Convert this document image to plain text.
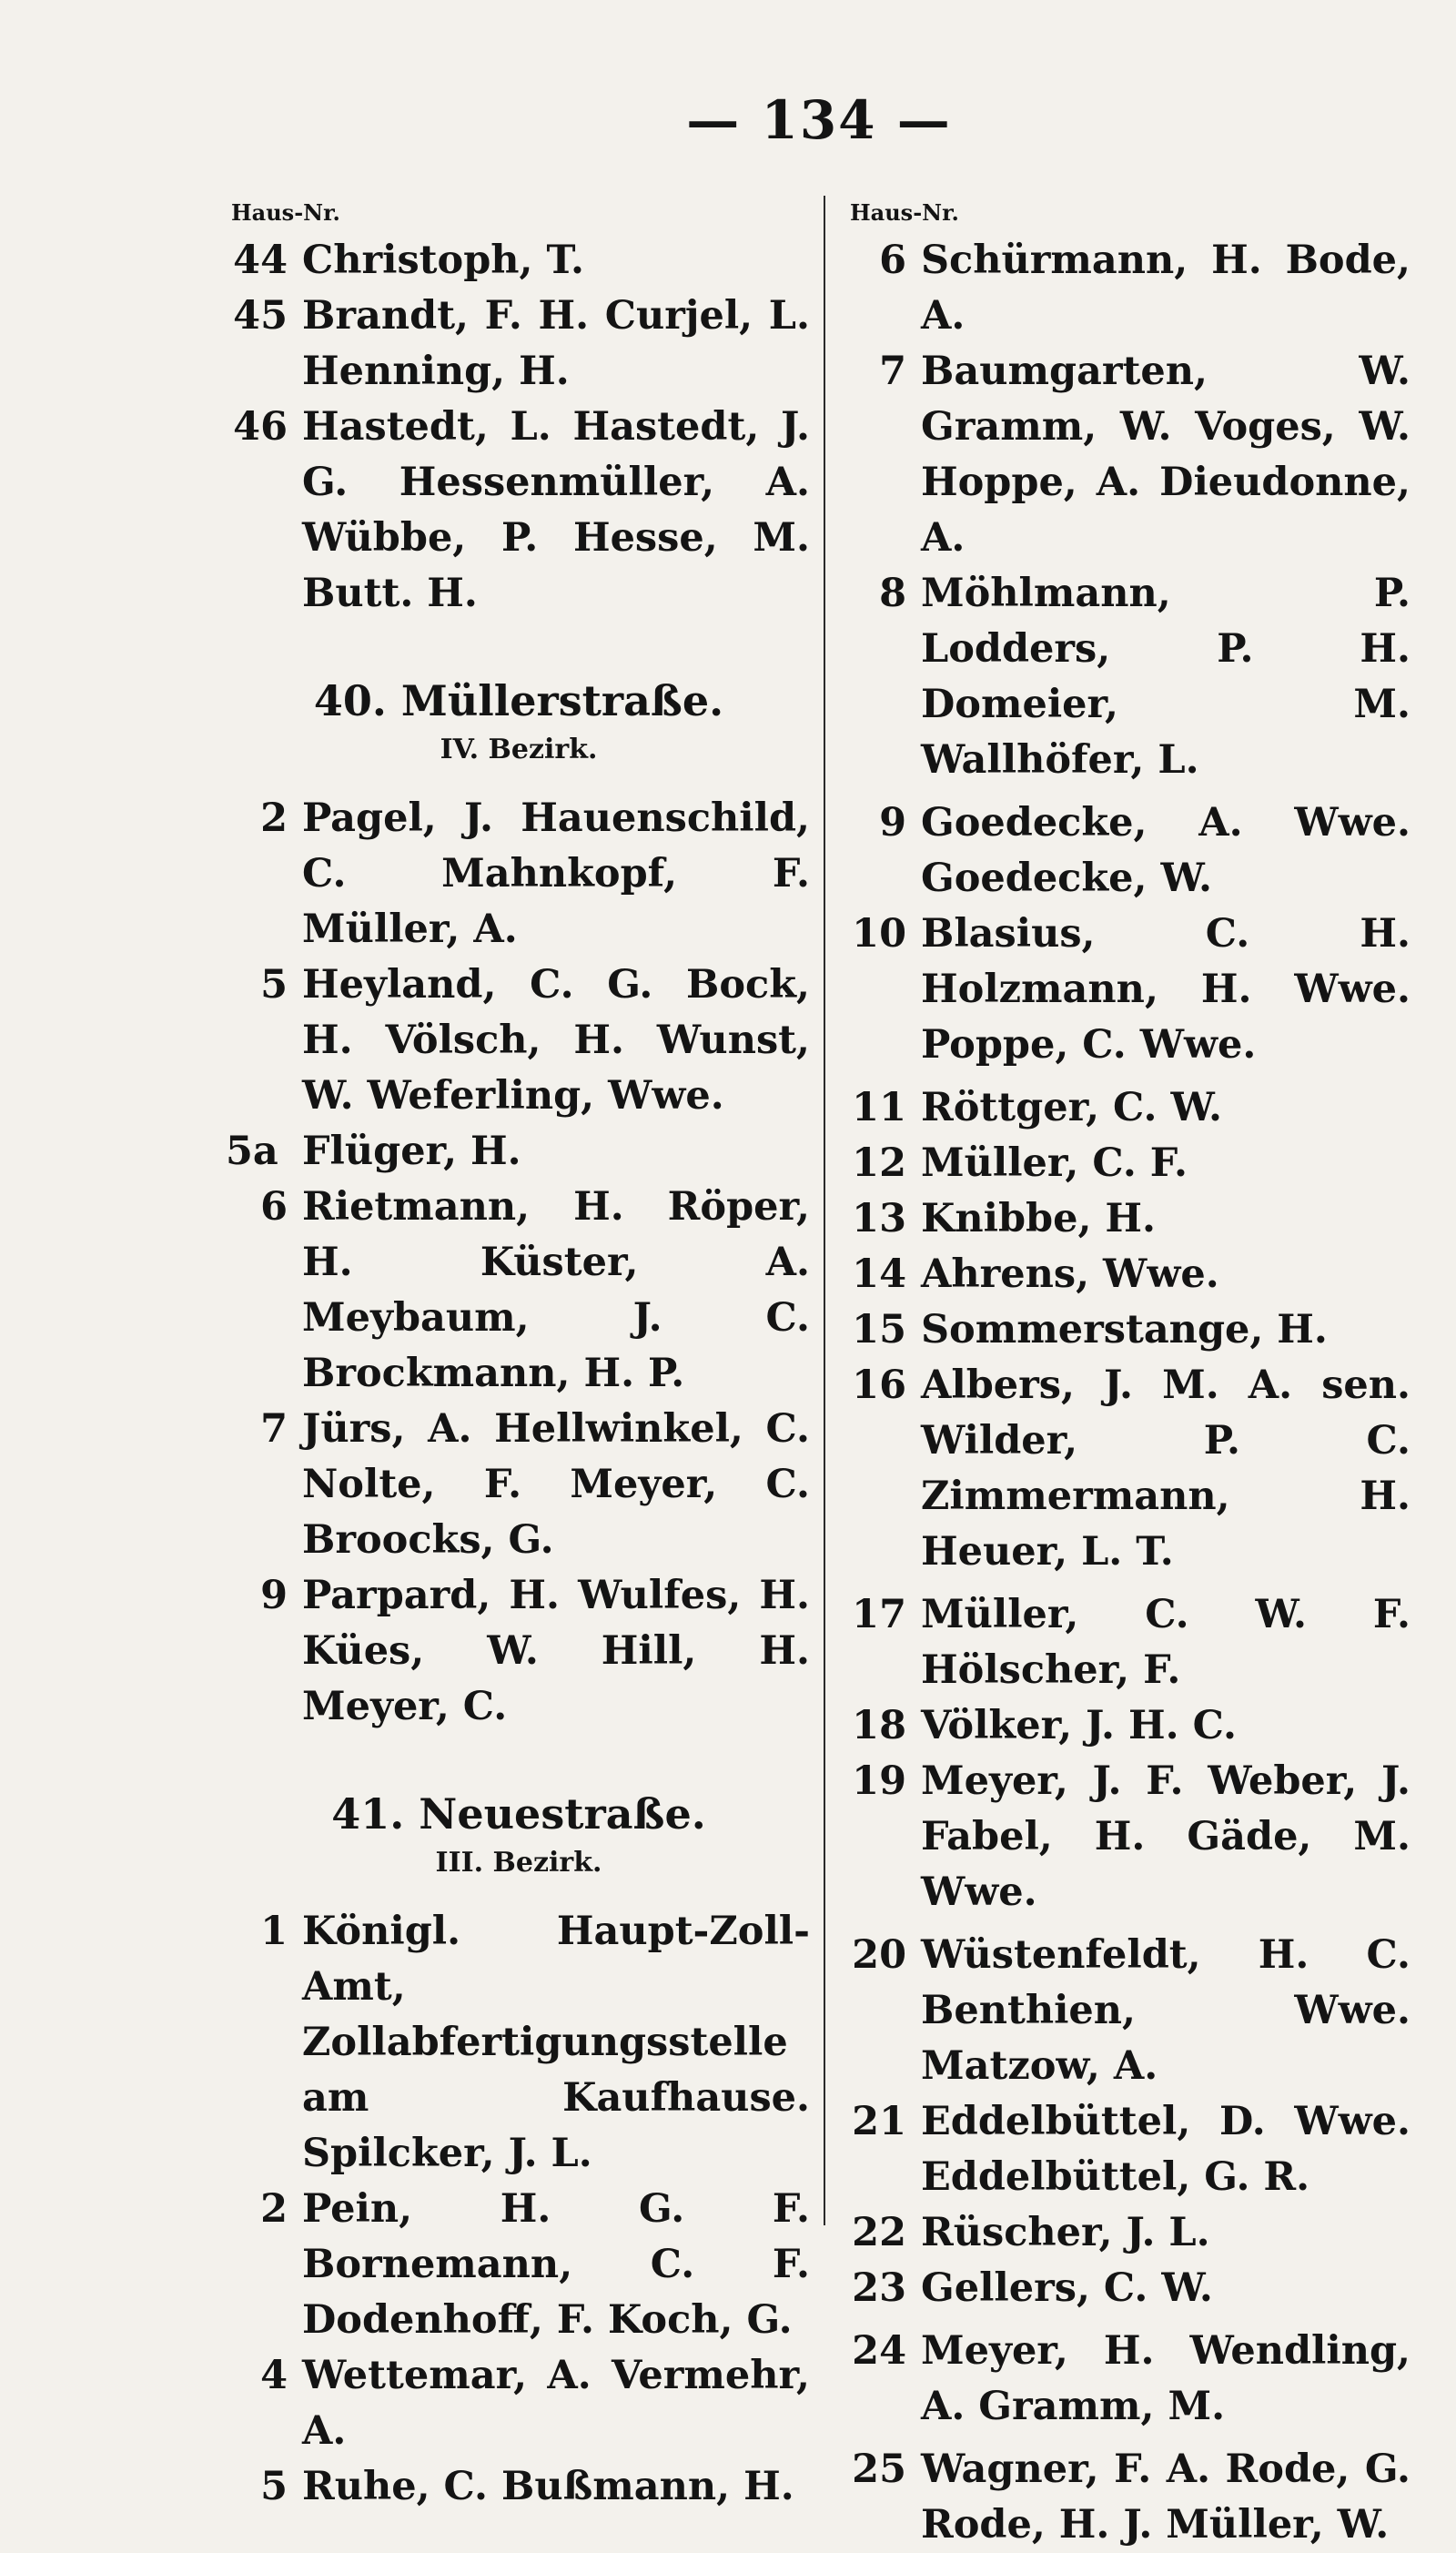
— 134 —
Haus-Nr.
44 Christoph, T.
45 Brandt, F. H. Curjel, L. Henning, H.
46 Hastedt, L. Hastedt, J. G. Hessenmüller, A. Wübbe, P. Hesse, M. Butt. H.
40. Müllerstraße.
IV. Bezirk.
2 Pagel, J. Hauenschild, C. Mahnkopf, F. Müller, A.
5 Heyland, C. G. Bock, H. Völsch, H. Wunst, W. Weferling, Wwe.
5a Flüger, H.
6 Rietmann, H. Röper, H. Küster, A. Meybaum, J. C. Brockmann, H. P.
7 Jürs, A. Hellwinkel, C. Nolte, F. Meyer, C. Broocks, G.
9 Parpard, H. Wulfes, H. Kües, W. Hill, H. Meyer, C.
41. Neuestraße.
III. Bezirk.
1 Königl. Haupt-Zoll-Amt, Zollabfertigungsstelle am Kaufhause. Spilcker, J. L.
2 Pein, H. G. F. Bornemann, C. F. Dodenhoff, F. Koch, G.
4 Wettemar, A. Vermehr, A.
5 Ruhe, C. Bußmann, H.
Haus-Nr.
6 Schürmann, H. Bode, A.
7 Baumgarten, W. Gramm, W. Voges, W. Hoppe, A. Dieudonne, A.
8 Möhlmann, P. Lodders, P. H. Domeier, M. Wallhöfer, L.
9 Goedecke, A. Wwe. Goedecke, W.
10 Blasius, C. H. Holzmann, H. Wwe. Poppe, C. Wwe.
11 Röttger, C. W.
12 Müller, C. F.
13 Knibbe, H.
14 Ahrens, Wwe.
15 Sommerstange, H.
16 Albers, J. M. A. sen. Wilder, P. C. Zimmermann, H. Heuer, L. T.
17 Müller, C. W. F. Hölscher, F.
18 Völker, J. H. C.
19 Meyer, J. F. Weber, J. Fabel, H. Gäde, M. Wwe.
20 Wüstenfeldt, H. C. Benthien, Wwe. Matzow, A.
21 Eddelbüttel, D. Wwe. Eddelbüttel, G. R.
22 Rüscher, J. L.
23 Gellers, C. W.
24 Meyer, H. Wendling, A. Gramm, M.
25 Wagner, F. A. Rode, G. Rode, H. J. Müller, W.
